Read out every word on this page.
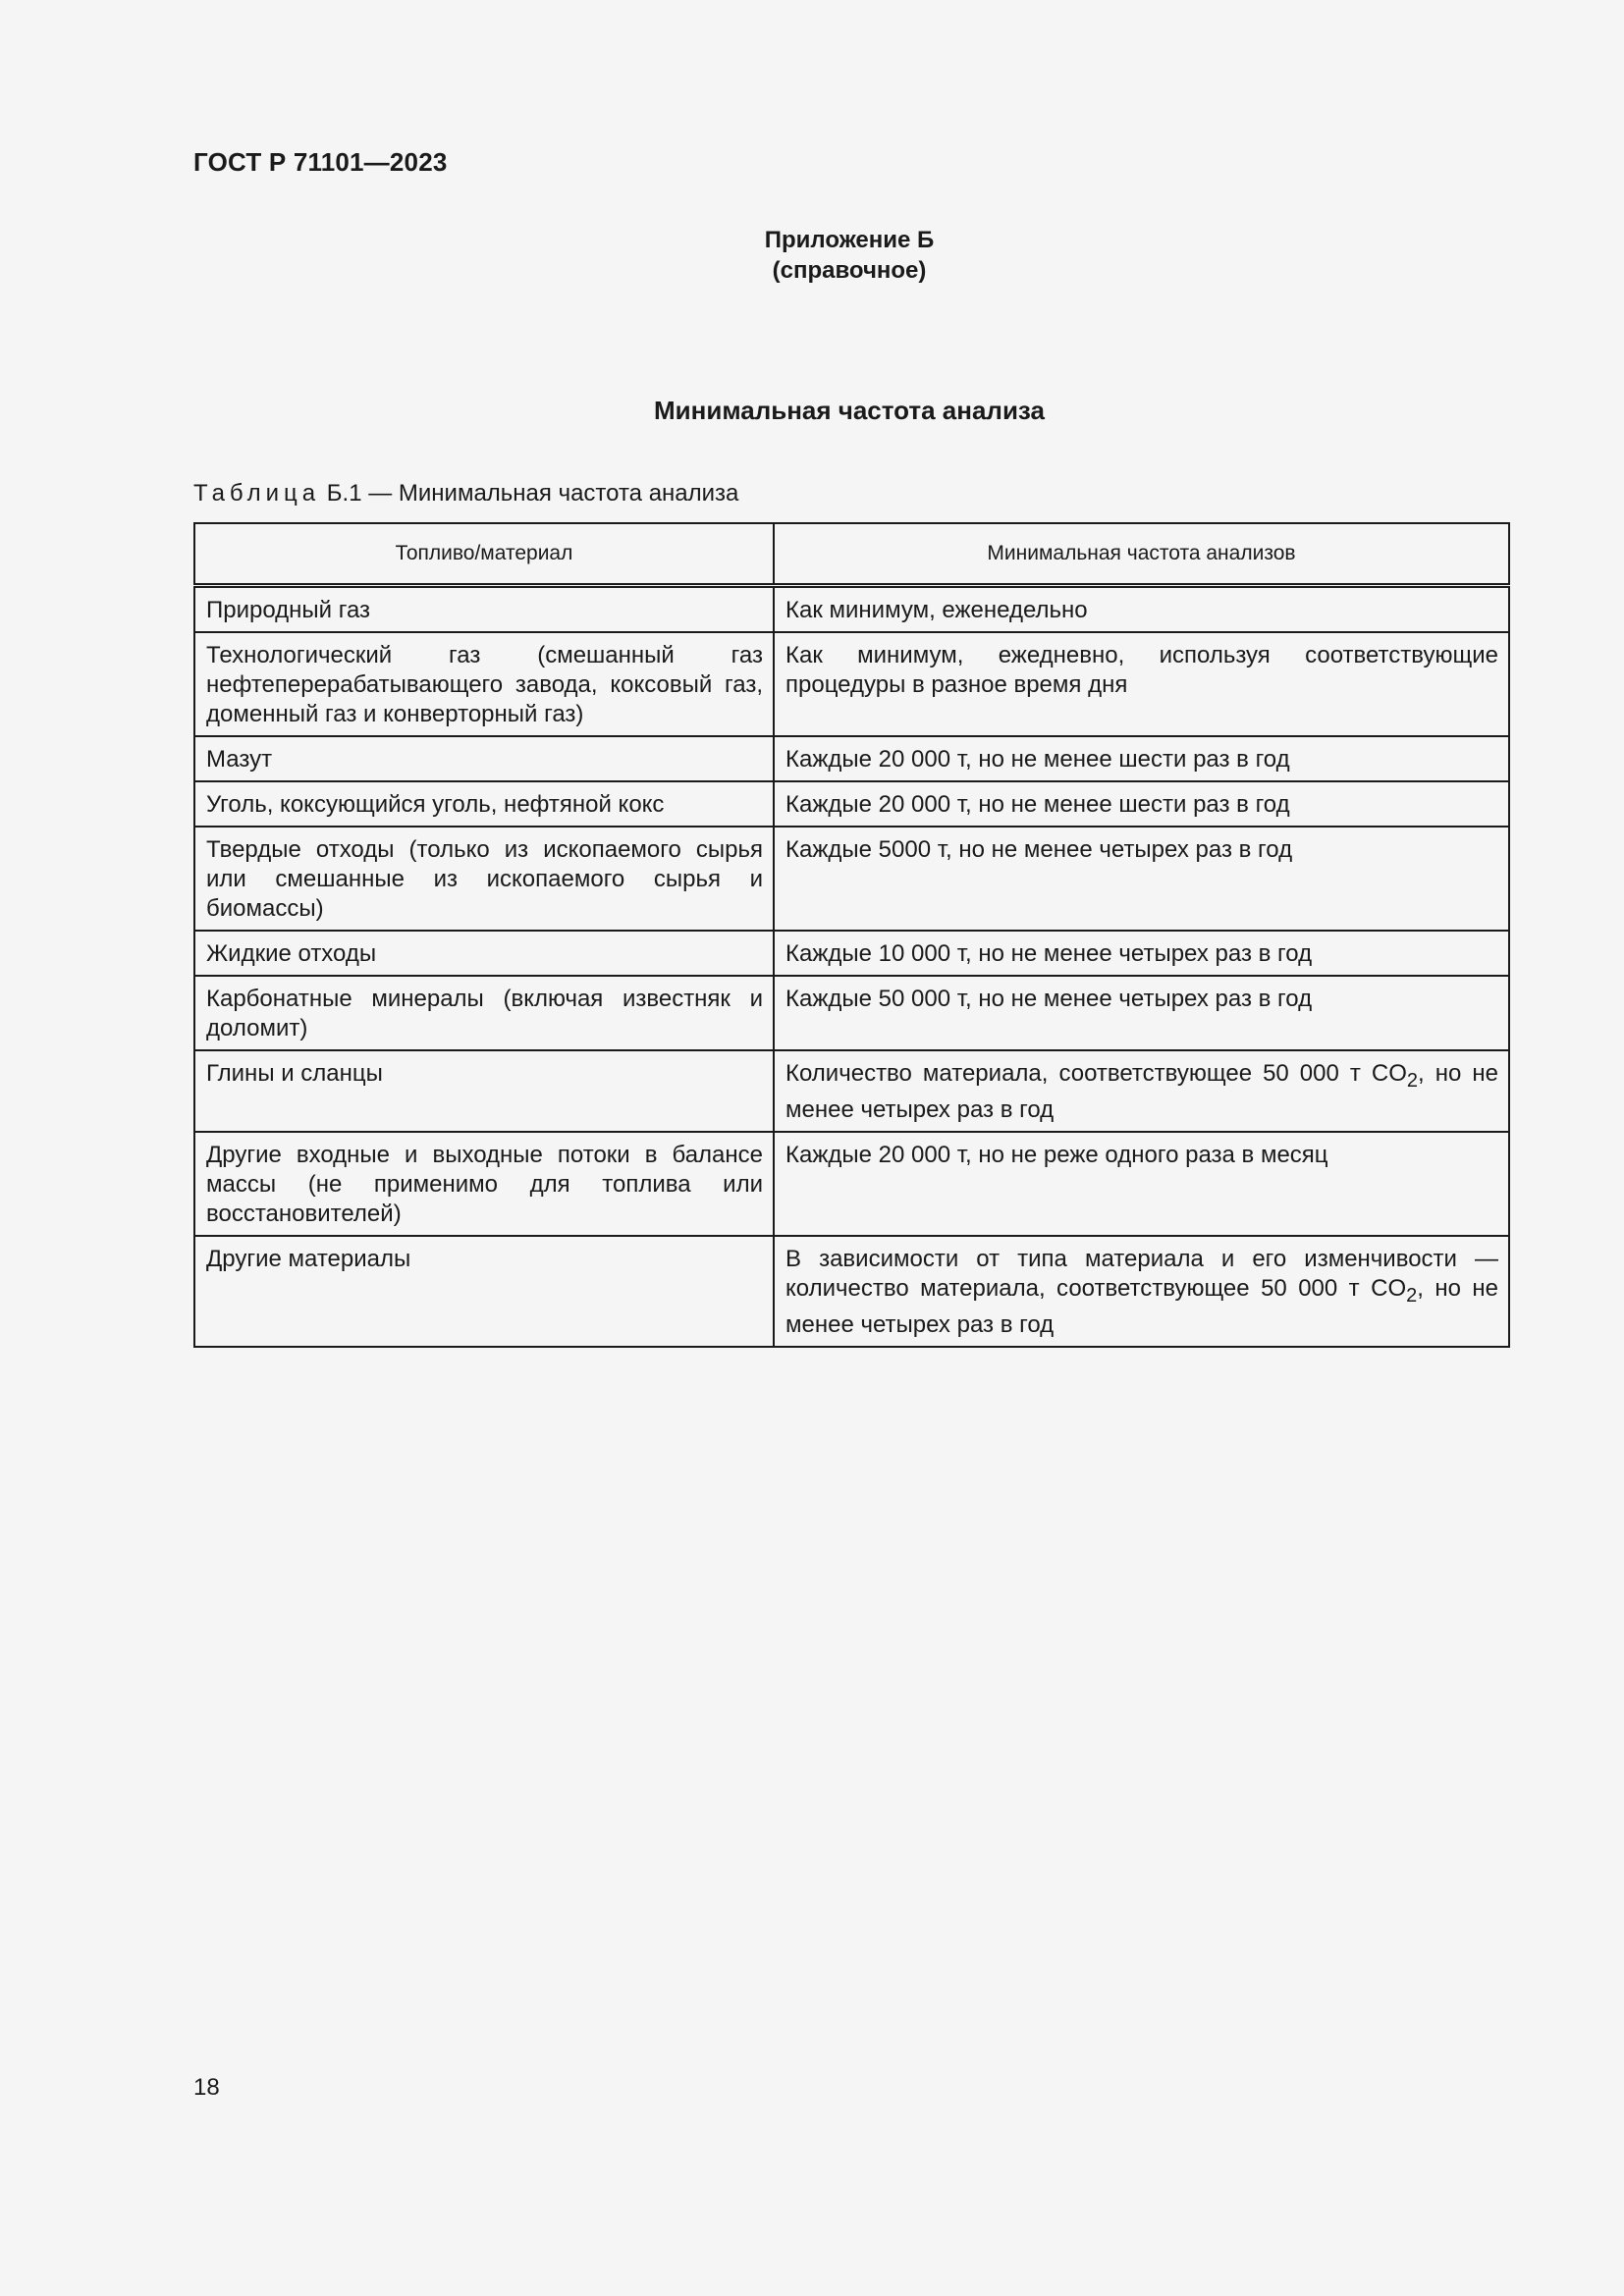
ГОСТ Р 71101—2023
Приложение Б
(справочное)
Минимальная частота анализа
Таблица Б.1 — Минимальная частота анализа
Топливо/материал	Минимальная частота анализов
Природный газ	Как минимум, еженедельно
Технологический газ (смешанный газ нефтеперерабатывающего завода, коксовый газ, доменный газ и конверторный газ)	Как минимум, ежедневно, используя соответствующие процедуры в разное время дня
Мазут	Каждые 20 000 т, но не менее шести раз в год
Уголь, коксующийся уголь, нефтяной кокс	Каждые 20 000 т, но не менее шести раз в год
Твердые отходы (только из ископаемого сырья или смешанные из ископаемого сырья и биомассы)	Каждые 5000 т, но не менее четырех раз в год
Жидкие отходы	Каждые 10 000 т, но не менее четырех раз в год
Карбонатные минералы (включая известняк и доломит)	Каждые 50 000 т, но не менее четырех раз в год
Глины и сланцы	Количество материала, соответствующее 50 000 т $CO_2$, но не менее четырех раз в год
Другие входные и выходные потоки в балансе массы (не применимо для топлива или восстановителей)	Каждые 20 000 т, но не реже одного раза в месяц
Другие материалы	В зависимости от типа материала и его изменчивости — количество материала, соответствующее 50 000 т $CO_2$, но не менее четырех раз в год
18
